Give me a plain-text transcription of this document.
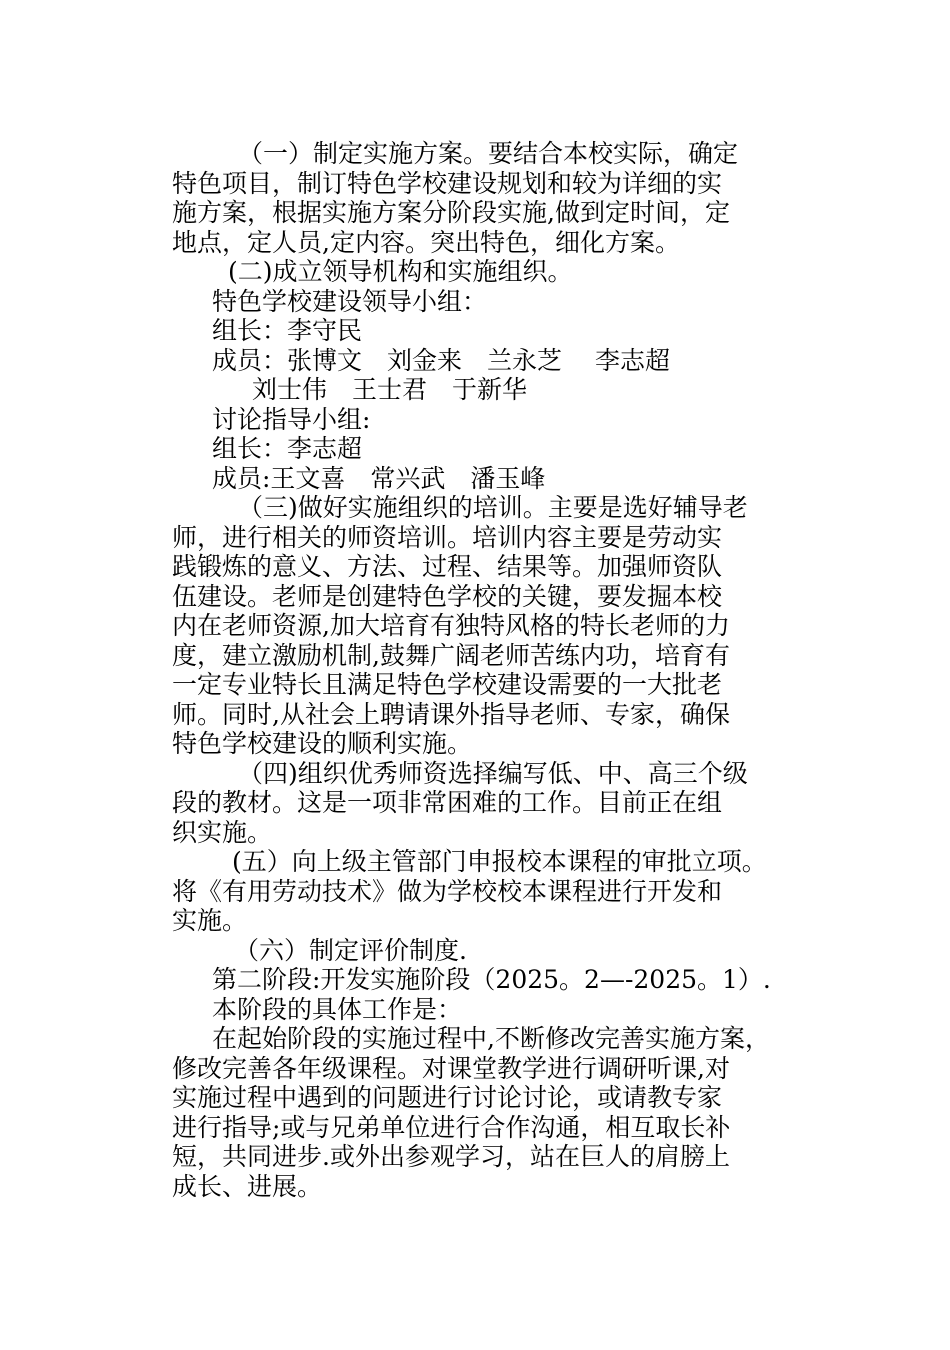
（一）制定实施方案。要结合本校实际，确定
特色项目，制订特色学校建设规划和较为详细的实
施方案，根据实施方案分阶段实施,做到定时间，定
地点，定人员,定内容。突出特色，细化方案。
(二)成立领导机构和实施组织。
特色学校建设领导小组：
组长：李守民
成员：张博文　刘金来　兰永芝　 李志超
刘士伟　王士君　于新华
讨论指导小组:
组长：李志超
成员:王文喜　常兴武　潘玉峰
（三)做好实施组织的培训。主要是选好辅导老
师，进行相关的师资培训。培训内容主要是劳动实
践锻炼的意义、方法、过程、结果等。加强师资队
伍建设。老师是创建特色学校的关键，要发掘本校
内在老师资源,加大培育有独特风格的特长老师的力
度，建立激励机制,鼓舞广阔老师苦练内功，培育有
一定专业特长且满足特色学校建设需要的一大批老
师。同时,从社会上聘请课外指导老师、专家，确保
特色学校建设的顺利实施。
（四)组织优秀师资选择编写低、中、高三个级
段的教材。这是一项非常困难的工作。目前正在组
织实施。
(五）向上级主管部门申报校本课程的审批立项。
将《有用劳动技术》做为学校校本课程进行开发和
实施。
（六）制定评价制度.
第二阶段:开发实施阶段（2025。2—-2025。1）.
本阶段的具体工作是：
在起始阶段的实施过程中,不断修改完善实施方案，
修改完善各年级课程。对课堂教学进行调研听课,对
实施过程中遇到的问题进行讨论讨论，或请教专家
进行指导;或与兄弟单位进行合作沟通，相互取长补
短，共同进步.或外出参观学习，站在巨人的肩膀上
成长、进展。
